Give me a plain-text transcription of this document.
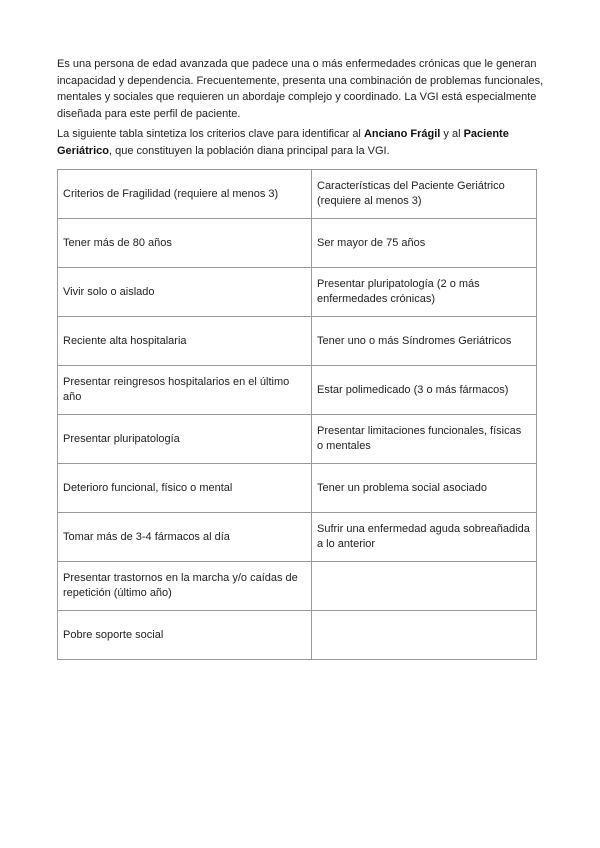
Es una persona de edad avanzada que padece una o más enfermedades crónicas que le generan incapacidad y dependencia. Frecuentemente, presenta una combinación de problemas funcionales, mentales y sociales que requieren un abordaje complejo y coordinado. La VGI está especialmente diseñada para este perfil de paciente.

La siguiente tabla sintetiza los criterios clave para identificar al Anciano Frágil y al Paciente Geriátrico, que constituyen la población diana principal para la VGI.

Criterios de Fragilidad (requiere al menos 3)	Características del Paciente Geriátrico (requiere al menos 3)
Tener más de 80 años	Ser mayor de 75 años
Vivir solo o aislado	Presentar pluripatología (2 o más enfermedades crónicas)
Reciente alta hospitalaria	Tener uno o más Síndromes Geriátricos
Presentar reingresos hospitalarios en el último año	Estar polimedicado (3 o más fármacos)
Presentar pluripatología	Presentar limitaciones funcionales, físicas o mentales
Deterioro funcional, físico o mental	Tener un problema social asociado
Tomar más de 3-4 fármacos al día	Sufrir una enfermedad aguda sobreañadida a lo anterior
Presentar trastornos en la marcha y/o caídas de repetición (último año)	
Pobre soporte social	
